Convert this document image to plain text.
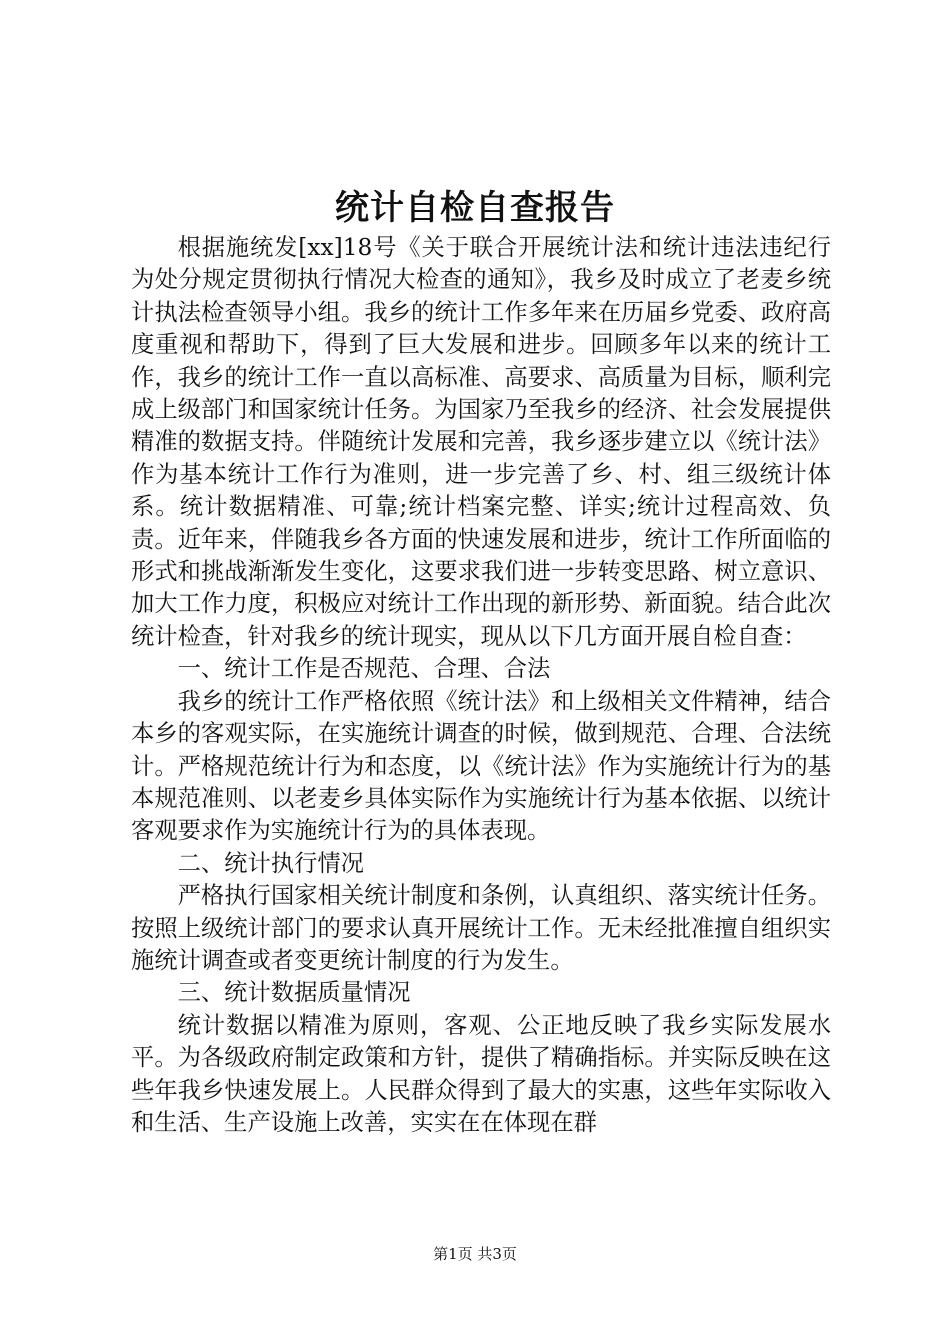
统计自检自查报告

根据施统发[xx]18号《关于联合开展统计法和统计违法违纪行为处分规定贯彻执行情况大检查的通知》，我乡及时成立了老麦乡统计执法检查领导小组。我乡的统计工作多年来在历届乡党委、政府高度重视和帮助下，得到了巨大发展和进步。回顾多年以来的统计工作，我乡的统计工作一直以高标准、高要求、高质量为目标，顺利完成上级部门和国家统计任务。为国家乃至我乡的经济、社会发展提供精准的数据支持。伴随统计发展和完善，我乡逐步建立以《统计法》作为基本统计工作行为准则，进一步完善了乡、村、组三级统计体系。统计数据精准、可靠;统计档案完整、详实;统计过程高效、负责。近年来，伴随我乡各方面的快速发展和进步，统计工作所面临的形式和挑战渐渐发生变化，这要求我们进一步转变思路、树立意识、加大工作力度，积极应对统计工作出现的新形势、新面貌。结合此次统计检查，针对我乡的统计现实，现从以下几方面开展自检自查：

一、统计工作是否规范、合理、合法

我乡的统计工作严格依照《统计法》和上级相关文件精神，结合本乡的客观实际，在实施统计调查的时候，做到规范、合理、合法统计。严格规范统计行为和态度，以《统计法》作为实施统计行为的基本规范准则、以老麦乡具体实际作为实施统计行为基本依据、以统计客观要求作为实施统计行为的具体表现。

二、统计执行情况

严格执行国家相关统计制度和条例，认真组织、落实统计任务。按照上级统计部门的要求认真开展统计工作。无未经批准擅自组织实施统计调查或者变更统计制度的行为发生。

三、统计数据质量情况

统计数据以精准为原则，客观、公正地反映了我乡实际发展水平。为各级政府制定政策和方针，提供了精确指标。并实际反映在这些年我乡快速发展上。人民群众得到了最大的实惠，这些年实际收入和生活、生产设施上改善，实实在在体现在群

第1页 共3页
